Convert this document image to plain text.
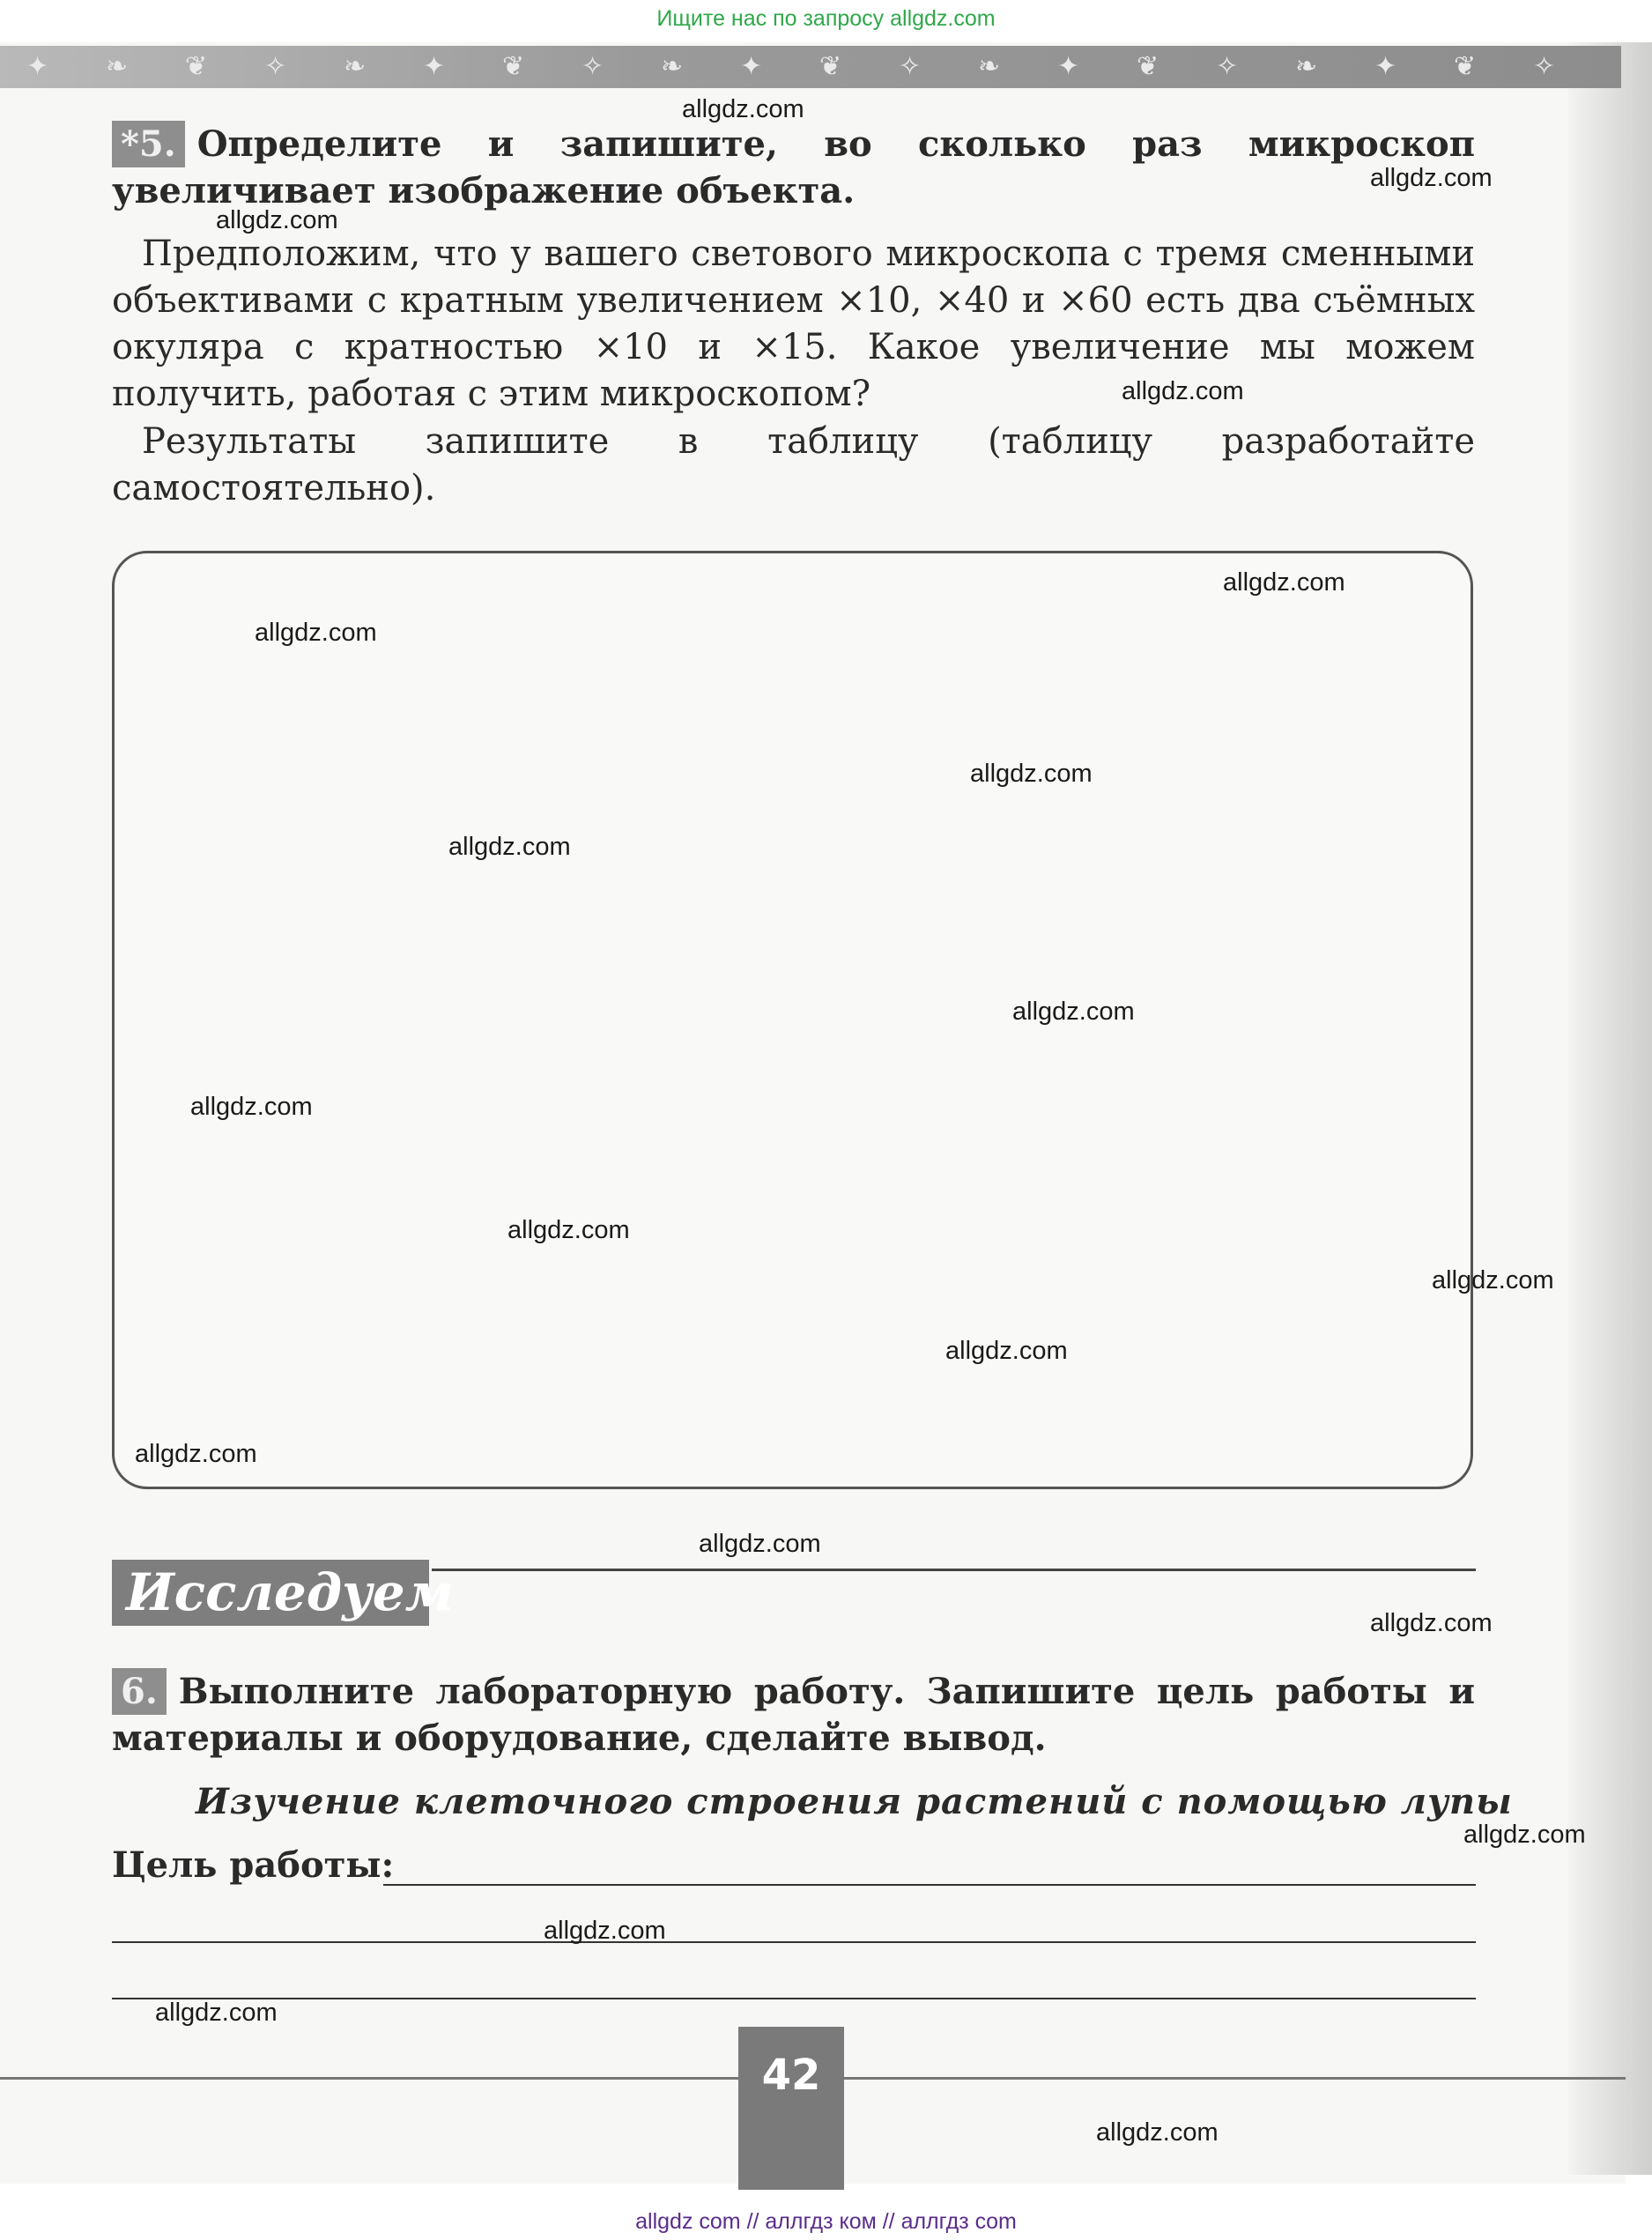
Ищите нас по запросу allgdz.com
✦ ❧ ❦ ✧ ❧ ✦ ❦ ✧ ❧ ✦ ❦ ✧ ❧ ✦ ❦ ✧ ❧ ✦ ❦ ✧
*5. Определите и запишите, во сколько раз микроскоп увеличивает изображение объекта.
Предположим, что у вашего светового микроскопа с тремя сменными объективами с кратным увеличением ×10, ×40 и ×60 есть два съёмных окуляра с кратностью ×10 и ×15. Какое увеличение мы можем получить, работая с этим микроскопом?
Результаты запишите в таблицу (таблицу разработайте самостоятельно).
Исследуем
6. Выполните лабораторную работу. Запишите цель работы и материалы и оборудование, сделайте вывод.
Изучение клеточного строения растений с помощью лупы
Цель работы:
42
allgdz.com
allgdz.com
allgdz.com
allgdz.com
allgdz.com
allgdz.com
allgdz.com
allgdz.com
allgdz.com
allgdz.com
allgdz.com
allgdz.com
allgdz.com
allgdz.com
allgdz.com
allgdz.com
allgdz.com
allgdz.com
allgdz.com
allgdz.com
allgdz com // аллгдз ком // аллгдз com
